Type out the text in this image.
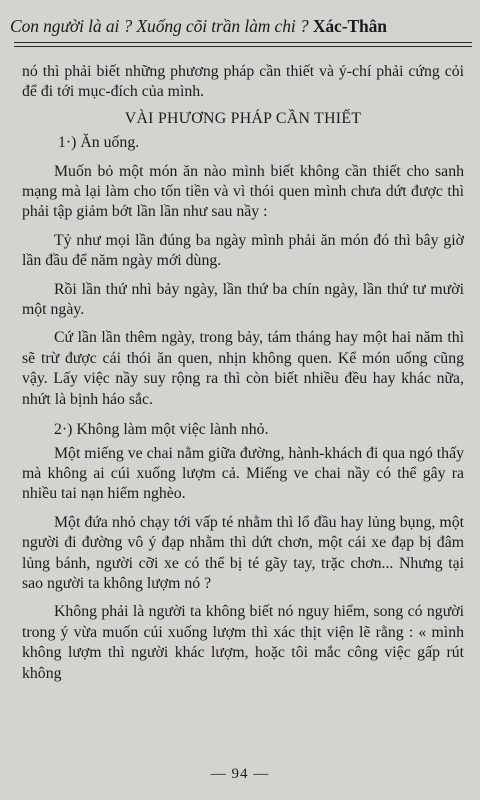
Con người là ai ? Xuống cõi trần làm chi ? Xác-Thân

nó thì phải biết những phương pháp cần thiết và ý-chí phải cứng cỏi để đi tới mục-đích của mình.

VÀI PHƯƠNG PHÁP CẦN THIẾT

1·) Ăn uống.

Muốn bỏ một món ăn nào mình biết không cần thiết cho sanh mạng mà lại làm cho tốn tiền và vì thói quen mình chưa dứt được thì phải tập giảm bớt lần lần như sau nầy :

Tỷ như mọi lần đúng ba ngày mình phải ăn món đó thì bây giờ lần đầu để năm ngày mới dùng.

Rồi lần thứ nhì bảy ngày, lần thứ ba chín ngày, lần thứ tư mười một ngày.

Cứ lần lần thêm ngày, trong bảy, tám tháng hay một hai năm thì sẽ trừ được cái thói ăn quen, nhịn không quen. Kể món uống cũng vậy. Lấy việc nầy suy rộng ra thì còn biết nhiều đều hay khác nữa, nhứt là bịnh háo sắc.

2·) Không làm một việc lành nhỏ.

Một miếng ve chai nằm giữa đường, hành-khách đi qua ngó thấy mà không ai cúi xuống lượm cả. Miếng ve chai nầy có thể gây ra nhiều tai nạn hiểm nghèo.

Một đứa nhỏ chạy tới vấp té nhằm thì lổ đầu hay lủng bụng, một người đi đường vô ý đạp nhằm thì dứt chơn, một cái xe đạp bị đâm lủng bánh, người cỡi xe có thể bị té gãy tay, trặc chơn... Nhưng tại sao người ta không lượm nó ?

Không phải là người ta không biết nó nguy hiểm, song có người trong ý vừa muốn cúi xuống lượm thì xác thịt viện lẽ rằng : « mình không lượm thì người khác lượm, hoặc tôi mắc công việc gấp rút không

— 94 —
